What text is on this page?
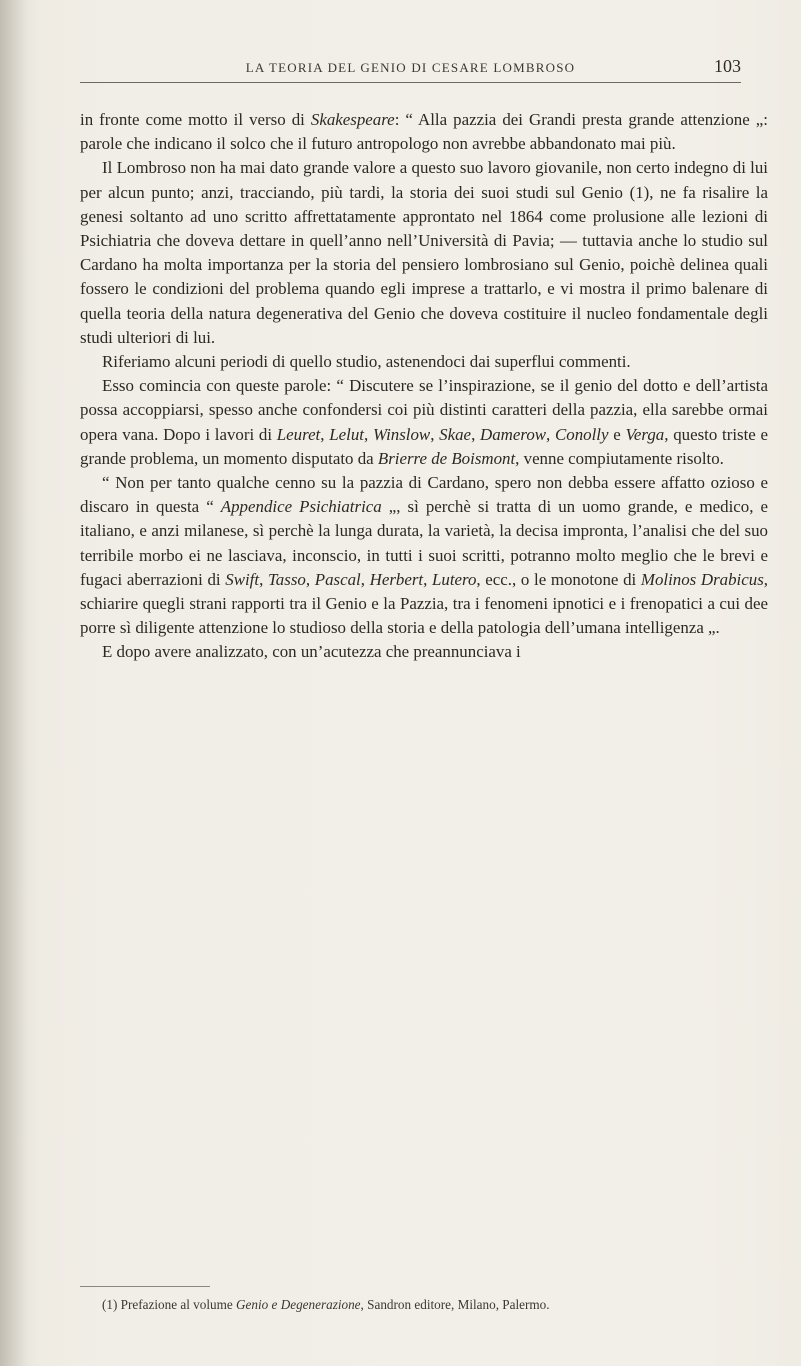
LA TEORIA DEL GENIO DI CESARE LOMBROSO	103

in fronte come motto il verso di Skakespeare: “ Alla pazzia dei Grandi presta grande attenzione „: parole che indicano il solco che il futuro antropologo non avrebbe abbandonato mai più.

Il Lombroso non ha mai dato grande valore a questo suo lavoro giovanile, non certo indegno di lui per alcun punto; anzi, tracciando, più tardi, la storia dei suoi studi sul Genio (1), ne fa risalire la genesi soltanto ad uno scritto affrettatamente approntato nel 1864 come prolusione alle lezioni di Psichiatria che doveva dettare in quell’anno nell’Università di Pavia; — tuttavia anche lo studio sul Cardano ha molta importanza per la storia del pensiero lombrosiano sul Genio, poichè delinea quali fossero le condizioni del problema quando egli imprese a trattarlo, e vi mostra il primo balenare di quella teoria della natura degenerativa del Genio che doveva costituire il nucleo fondamentale degli studi ulteriori di lui.

Riferiamo alcuni periodi di quello studio, astenendoci dai superflui commenti.

Esso comincia con queste parole: “ Discutere se l’inspirazione, se il genio del dotto e dell’artista possa accoppiarsi, spesso anche confondersi coi più distinti caratteri della pazzia, ella sarebbe ormai opera vana. Dopo i lavori di Leuret, Lelut, Winslow, Skae, Damerow, Conolly e Verga, questo triste e grande problema, un momento disputato da Brierre de Boismont, venne compiutamente risolto.

“ Non per tanto qualche cenno su la pazzia di Cardano, spero non debba essere affatto ozioso e discaro in questa “ Appendice Psichiatrica „, sì perchè si tratta di un uomo grande, e medico, e italiano, e anzi milanese, sì perchè la lunga durata, la varietà, la decisa impronta, l’analisi che del suo terribile morbo ei ne lasciava, inconscio, in tutti i suoi scritti, potranno molto meglio che le brevi e fugaci aberrazioni di Swift, Tasso, Pascal, Herbert, Lutero, ecc., o le monotone di Molinos Drabicus, schiarire quegli strani rapporti tra il Genio e la Pazzia, tra i fenomeni ipnotici e i frenopatici a cui dee porre sì diligente attenzione lo studioso della storia e della patologia dell’umana intelligenza „.

E dopo avere analizzato, con un’acutezza che preannunciava i

(1) Prefazione al volume Genio e Degenerazione, Sandron editore, Milano, Palermo.
